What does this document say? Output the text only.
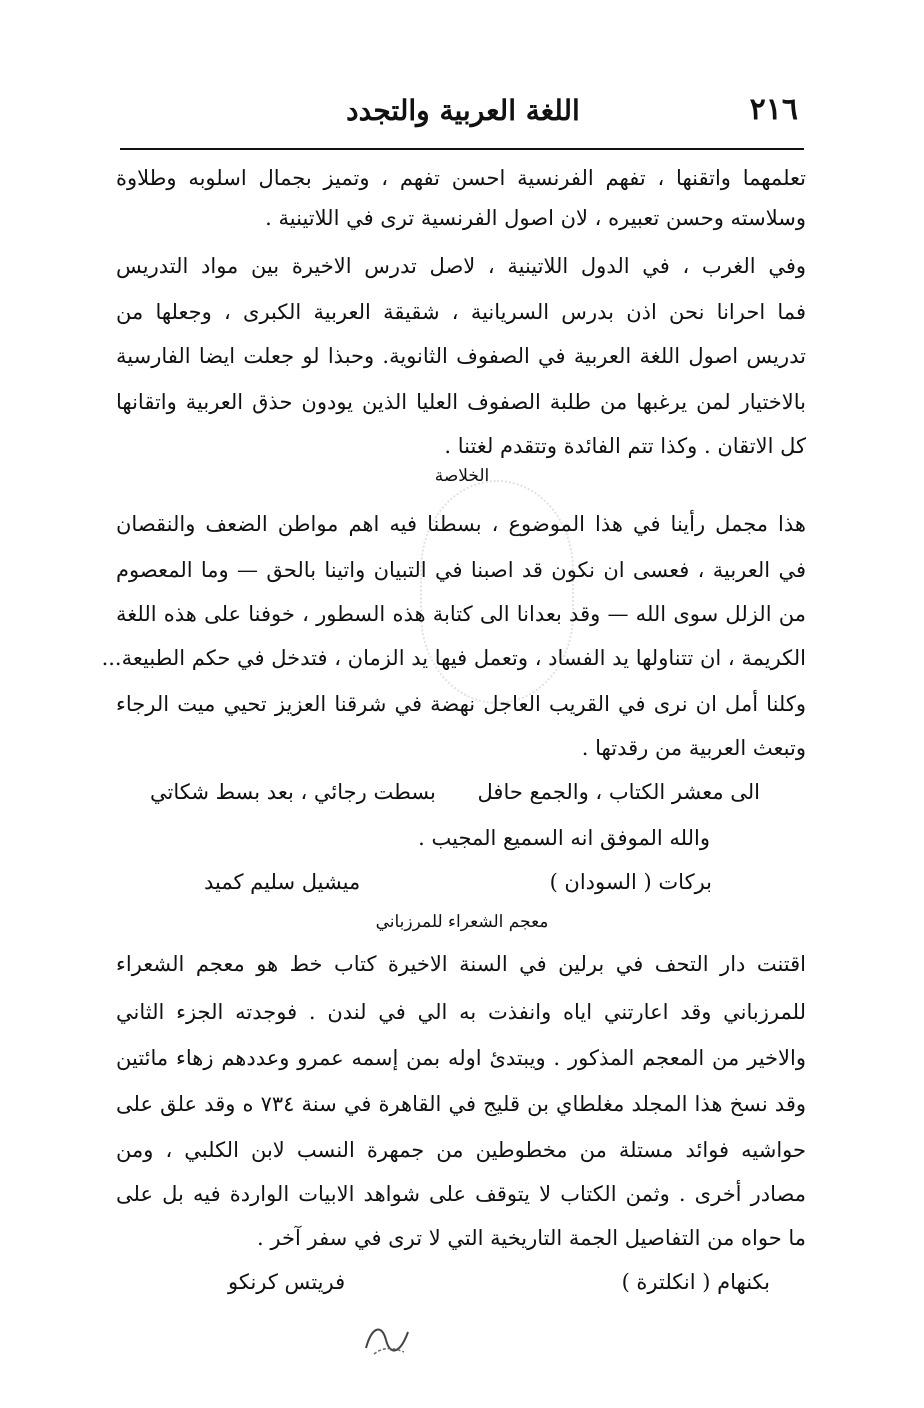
٢١٦
اللغة العربية والتجدد
تعلمهما واتقنها ، تفهم الفرنسية احسن تفهم ، وتميز بجمال اسلوبه وطلاوة
وسلاسته وحسن تعبيره ، لان اصول الفرنسية ترى في اللاتينية .
وفي الغرب ، في الدول اللاتينية ، لاصل تدرس الاخيرة بين مواد التدريس
فما احرانا نحن اذن بدرس السريانية ، شقيقة العربية الكبرى ، وجعلها من
تدريس اصول اللغة العربية في الصفوف الثانوية. وحبذا لو جعلت ايضا الفارسية
بالاختيار لمن يرغبها من طلبة الصفوف العليا الذين يودون حذق العربية واتقانها
كل الاتقان . وكذا تتم الفائدة وتتقدم لغتنا .
الخلاصة
هذا مجمل رأينا في هذا الموضوع ، بسطنا فيه اهم مواطن الضعف والنقصان
في العربية ، فعسى ان نكون قد اصبنا في التبيان واتينا بالحق — وما المعصوم
من الزلل سوى الله — وقد بعدانا الى كتابة هذه السطور ، خوفنا على هذه اللغة
الكريمة ، ان تتناولها يد الفساد ، وتعمل فيها يد الزمان ، فتدخل في حكم الطبيعة...
وكلنا أمل ان نرى في القريب العاجل نهضة في شرقنا العزيز تحيي ميت الرجاء
وتبعث العربية من رقدتها .
الى معشر الكتاب ، والجمع حافل
بسطت رجائي ، بعد بسط شكاتي
والله الموفق انه السميع المجيب .
بركات ( السودان )
ميشيل سليم كميد
معجم الشعراء للمرزباني
اقتنت دار التحف في برلين في السنة الاخيرة كتاب خط هو معجم الشعراء
للمرزباني وقد اعارتني اياه وانفذت به الي في لندن . فوجدته الجزء الثاني
والاخير من المعجم المذكور . ويبتدئ اوله بمن إسمه عمرو وعددهم زهاء مائتين
وقد نسخ هذا المجلد مغلطاي بن قليج في القاهرة في سنة ٧٣٤ ه وقد علق على
حواشيه فوائد مستلة من مخطوطين من جمهرة النسب لابن الكلبي ، ومن
مصادر أخرى . وثمن الكتاب لا يتوقف على شواهد الابيات الواردة فيه بل على
ما حواه من التفاصيل الجمة التاريخية التي لا ترى في سفر آخر .
بكنهام ( انكلترة )
فريتس كرنكو
